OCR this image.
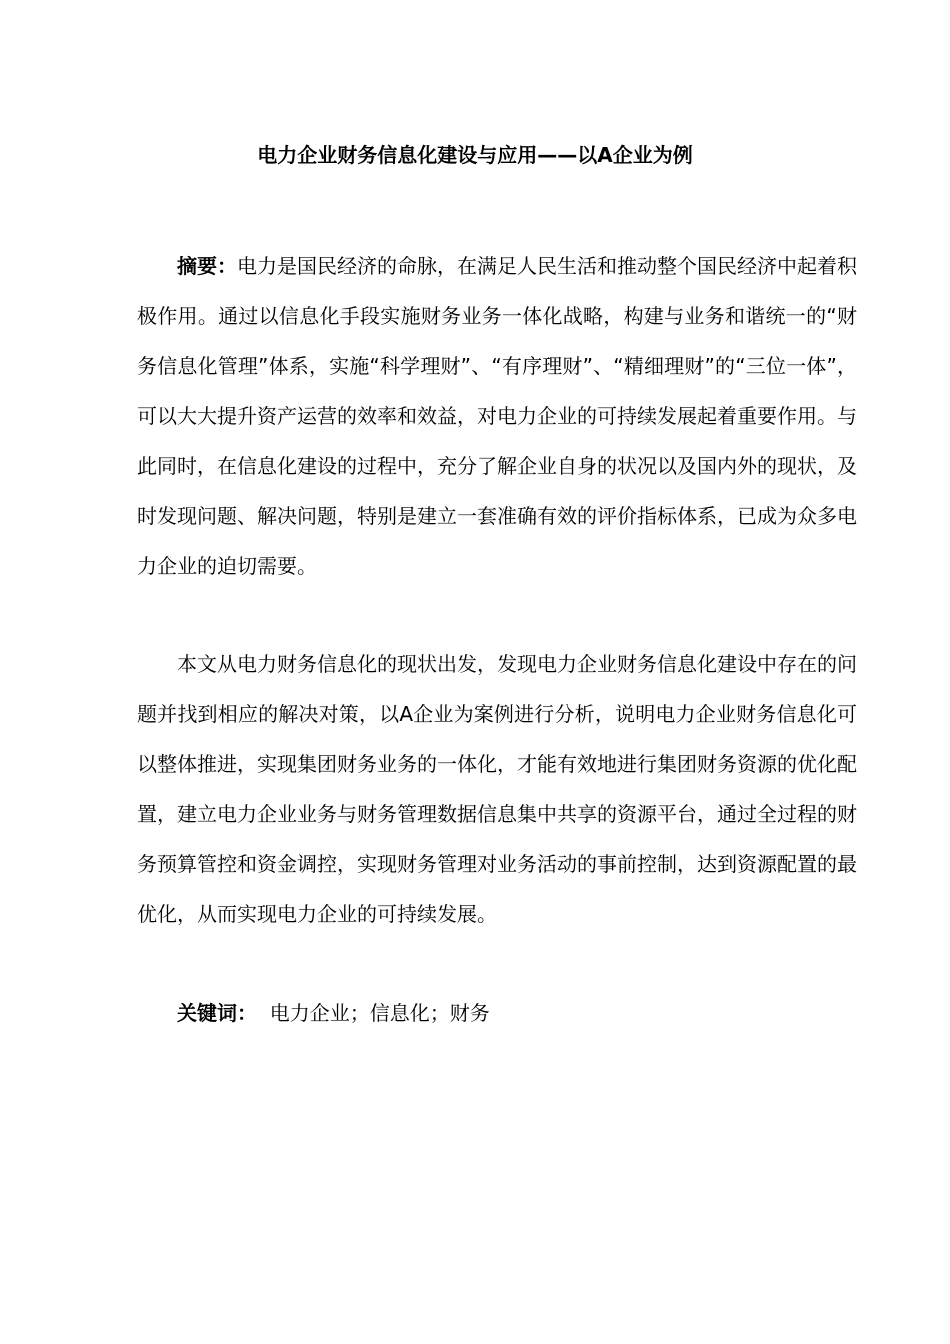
电力企业财务信息化建设与应用——以A企业为例

摘要：电力是国民经济的命脉，在满足人民生活和推动整个国民经济中起着积极作用。通过以信息化手段实施财务业务一体化战略，构建与业务和谐统一的“财务信息化管理”体系，实施“科学理财”、“有序理财”、“精细理财”的“三位一体”，可以大大提升资产运营的效率和效益，对电力企业的可持续发展起着重要作用。与此同时，在信息化建设的过程中，充分了解企业自身的状况以及国内外的现状，及时发现问题、解决问题，特别是建立一套准确有效的评价指标体系，已成为众多电力企业的迫切需要。

本文从电力财务信息化的现状出发，发现电力企业财务信息化建设中存在的问题并找到相应的解决对策，以A企业为案例进行分析，说明电力企业财务信息化可以整体推进，实现集团财务业务的一体化，才能有效地进行集团财务资源的优化配置，建立电力企业业务与财务管理数据信息集中共享的资源平台，通过全过程的财务预算管控和资金调控，实现财务管理对业务活动的事前控制，达到资源配置的最优化，从而实现电力企业的可持续发展。

关键词：  电力企业；信息化；财务
